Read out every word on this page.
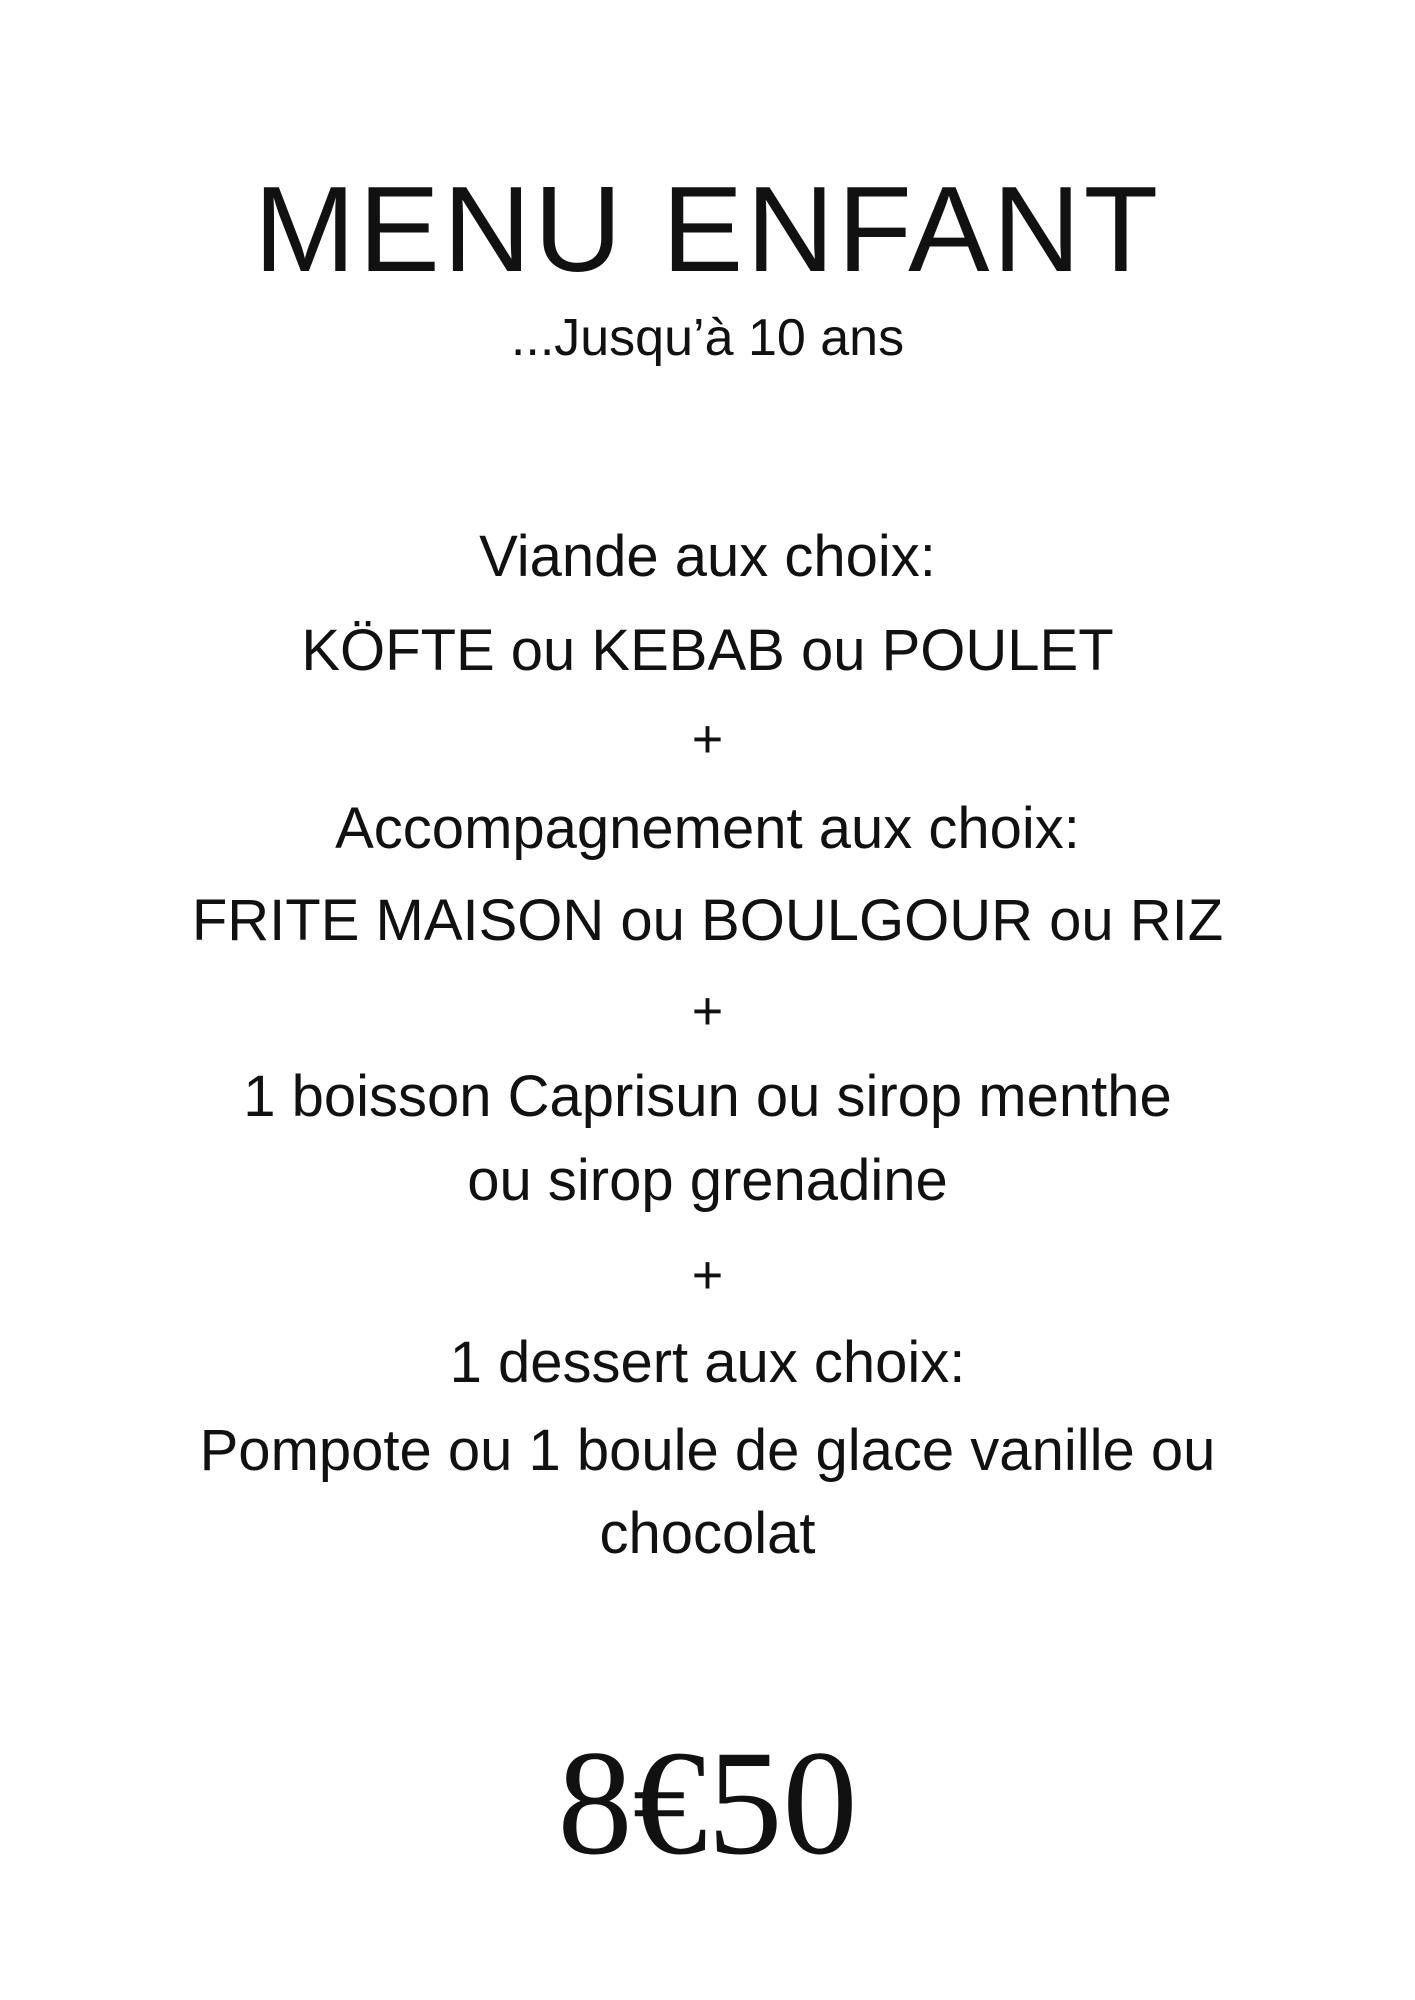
MENU ENFANT
...Jusqu’à 10 ans
Viande aux choix:
KÖFTE ou KEBAB ou POULET
+
Accompagnement aux choix:
FRITE MAISON ou BOULGOUR ou RIZ
+
1 boisson Caprisun ou sirop menthe
ou sirop grenadine
+
1 dessert aux choix:
Pompote ou 1 boule de glace vanille ou
chocolat
8€50
